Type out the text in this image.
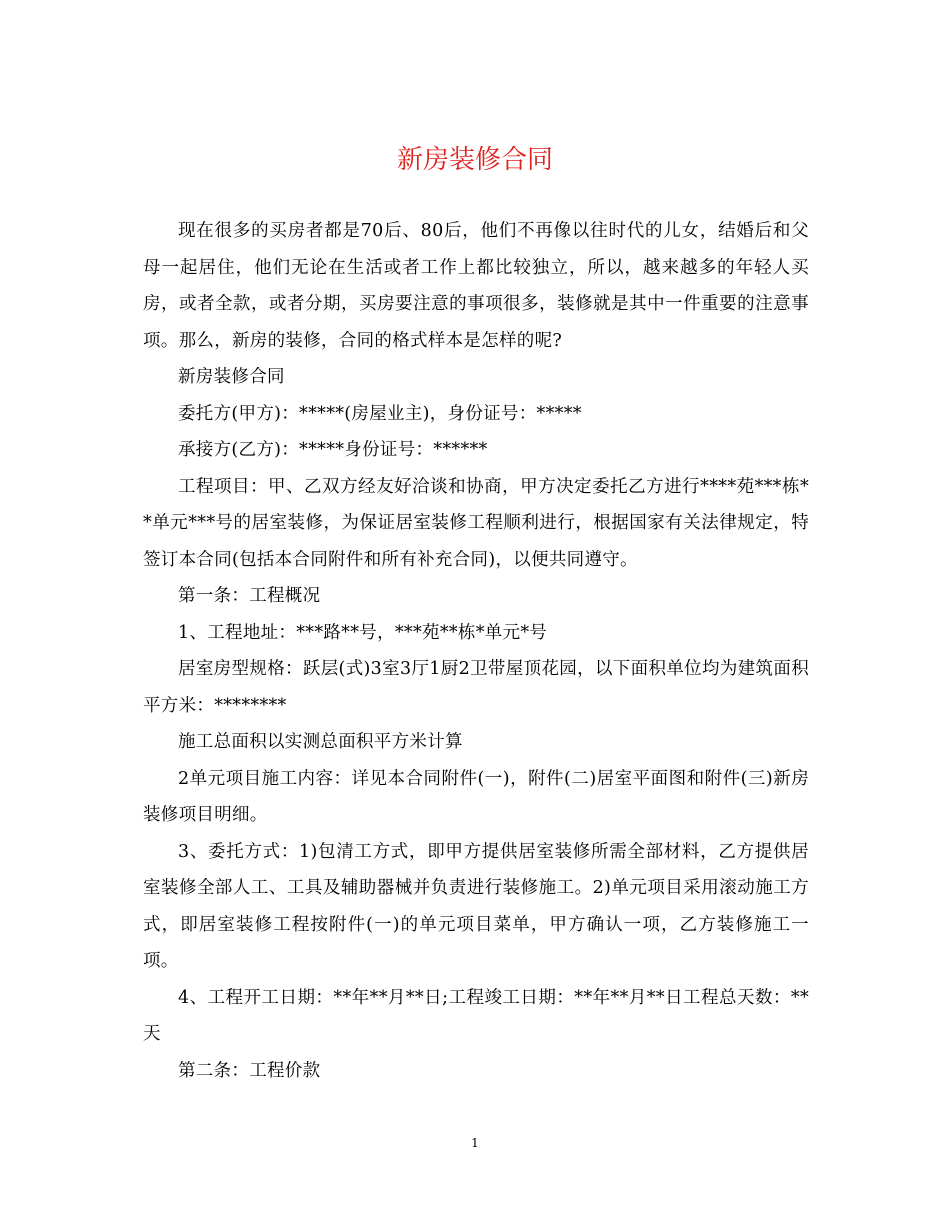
新房装修合同

现在很多的买房者都是70后、80后，他们不再像以往时代的儿女，结婚后和父母一起居住，他们无论在生活或者工作上都比较独立，所以，越来越多的年轻人买房，或者全款，或者分期，买房要注意的事项很多，装修就是其中一件重要的注意事项。那么，新房的装修，合同的格式样本是怎样的呢?

新房装修合同

委托方(甲方)：*****(房屋业主)，身份证号：*****

承接方(乙方)：*****身份证号：******

工程项目：甲、乙双方经友好洽谈和协商，甲方决定委托乙方进行****苑***栋**单元***号的居室装修，为保证居室装修工程顺利进行，根据国家有关法律规定，特签订本合同(包括本合同附件和所有补充合同)，以便共同遵守。

第一条：工程概况

1、工程地址：***路**号，***苑**栋*单元*号

居室房型规格：跃层(式)3室3厅1厨2卫带屋顶花园，以下面积单位均为建筑面积平方米：********

施工总面积以实测总面积平方米计算

2单元项目施工内容：详见本合同附件(一)，附件(二)居室平面图和附件(三)新房装修项目明细。

3、委托方式：1)包清工方式，即甲方提供居室装修所需全部材料，乙方提供居室装修全部人工、工具及辅助器械并负责进行装修施工。2)单元项目采用滚动施工方式，即居室装修工程按附件(一)的单元项目菜单，甲方确认一项，乙方装修施工一项。

4、工程开工日期：**年**月**日;工程竣工日期：**年**月**日工程总天数：**天

第二条：工程价款

1
